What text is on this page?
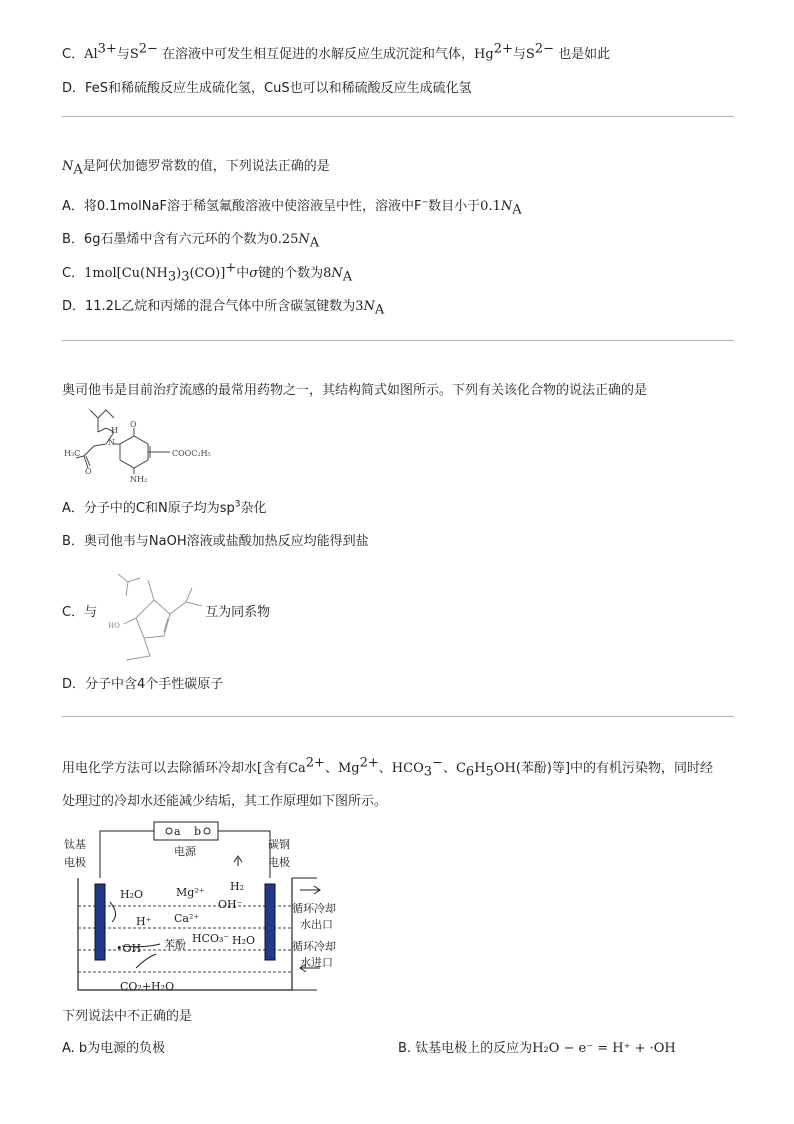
C．$Al^{3+}$与$S^{2-}$ 在溶液中可发生相互促进的水解反应生成沉淀和气体，$Hg^{2+}$与$S^{2-}$ 也是如此
D．FeS和稀硫酸反应生成硫化氢，CuS也可以和稀硫酸反应生成硫化氢
$N_A$是阿伏加德罗常数的值，下列说法正确的是
A．将0.1molNaF溶于稀氢氟酸溶液中使溶液呈中性，溶液中F−数目小于$0.1N_A$
B．6g石墨烯中含有六元环的个数为$0.25N_A$
C．$1mol[Cu(NH_3)_3(CO)]^+$中σ键的个数为$8N_A$
D．11.2L乙烷和丙烯的混合气体中所含碳氢键数为$3N_A$
奥司他韦是目前治疗流感的最常用药物之一，其结构简式如图所示。下列有关该化合物的说法正确的是
H₃C
H
N
O
O
COOC₂H₅
NH₂
A．分子中的C和N原子均为$sp^3$杂化
B．奥司他韦与NaOH溶液或盐酸加热反应均能得到盐
C．与	互为同系物
HO
D．分子中含4个手性碳原子
用电化学方法可以去除循环冷却水[含有$Ca^{2+}$、$Mg^{2+}$、$HCO_3^-$、$C_6H_5OH$(苯酚)等]中的有机污染物，同时经
处理过的冷却水还能减少结垢，其工作原理如下图所示。
a b
电源
钛基
电极
碳钢
电极
H₂O	Mg²⁺ H₂
OH⁻
H⁺ Ca²⁺
•OH 苯酚 HCO₃⁻ H₂O
CO₂+H₂O
循环冷却
水出口
循环冷却
水进口
下列说法中不正确的是
A. b为电源的负极	B. 钛基电极上的反应为H₂O − e⁻ = H⁺ + ·OH
